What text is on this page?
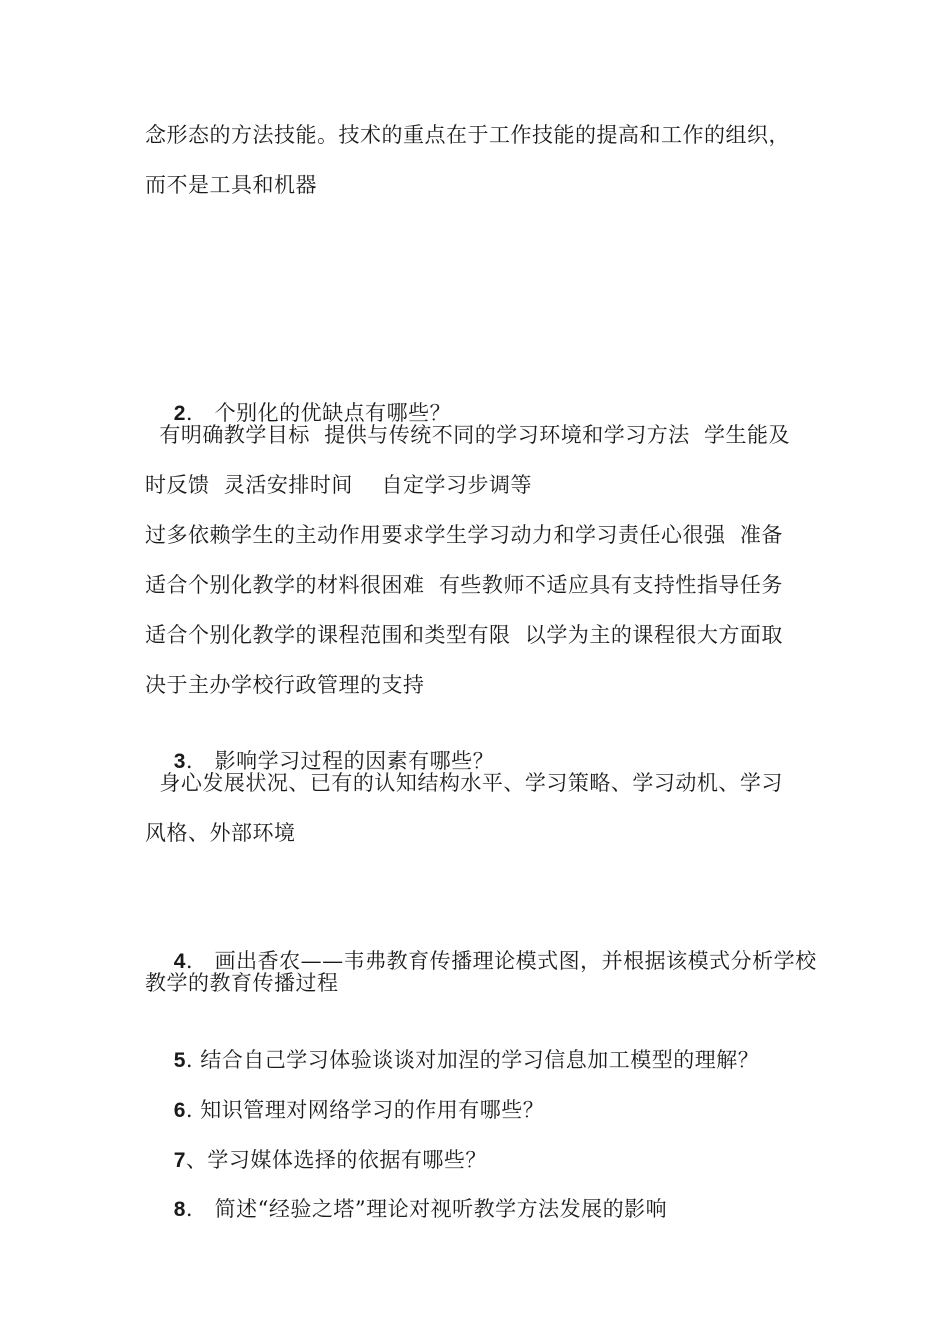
念形态的方法技能。技术的重点在于工作技能的提高和工作的组织，
而不是工具和机器

2.   个别化的优缺点有哪些？

有明确教学目标  提供与传统不同的学习环境和学习方法  学生能及
时反馈  灵活安排时间    自定学习步调等
过多依赖学生的主动作用要求学生学习动力和学习责任心很强  准备
适合个别化教学的材料很困难  有些教师不适应具有支持性指导任务
适合个别化教学的课程范围和类型有限  以学为主的课程很大方面取
决于主办学校行政管理的支持

3.   影响学习过程的因素有哪些？

身心发展状况、已有的认知结构水平、学习策略、学习动机、学习
风格、外部环境

4.   画出香农——韦弗教育传播理论模式图，并根据该模式分析学校

教学的教育传播过程

5. 结合自己学习体验谈谈对加涅的学习信息加工模型的理解？

6. 知识管理对网络学习的作用有哪些？

7、学习媒体选择的依据有哪些？

8.   简述“经验之塔”理论对视听教学方法发展的影响
